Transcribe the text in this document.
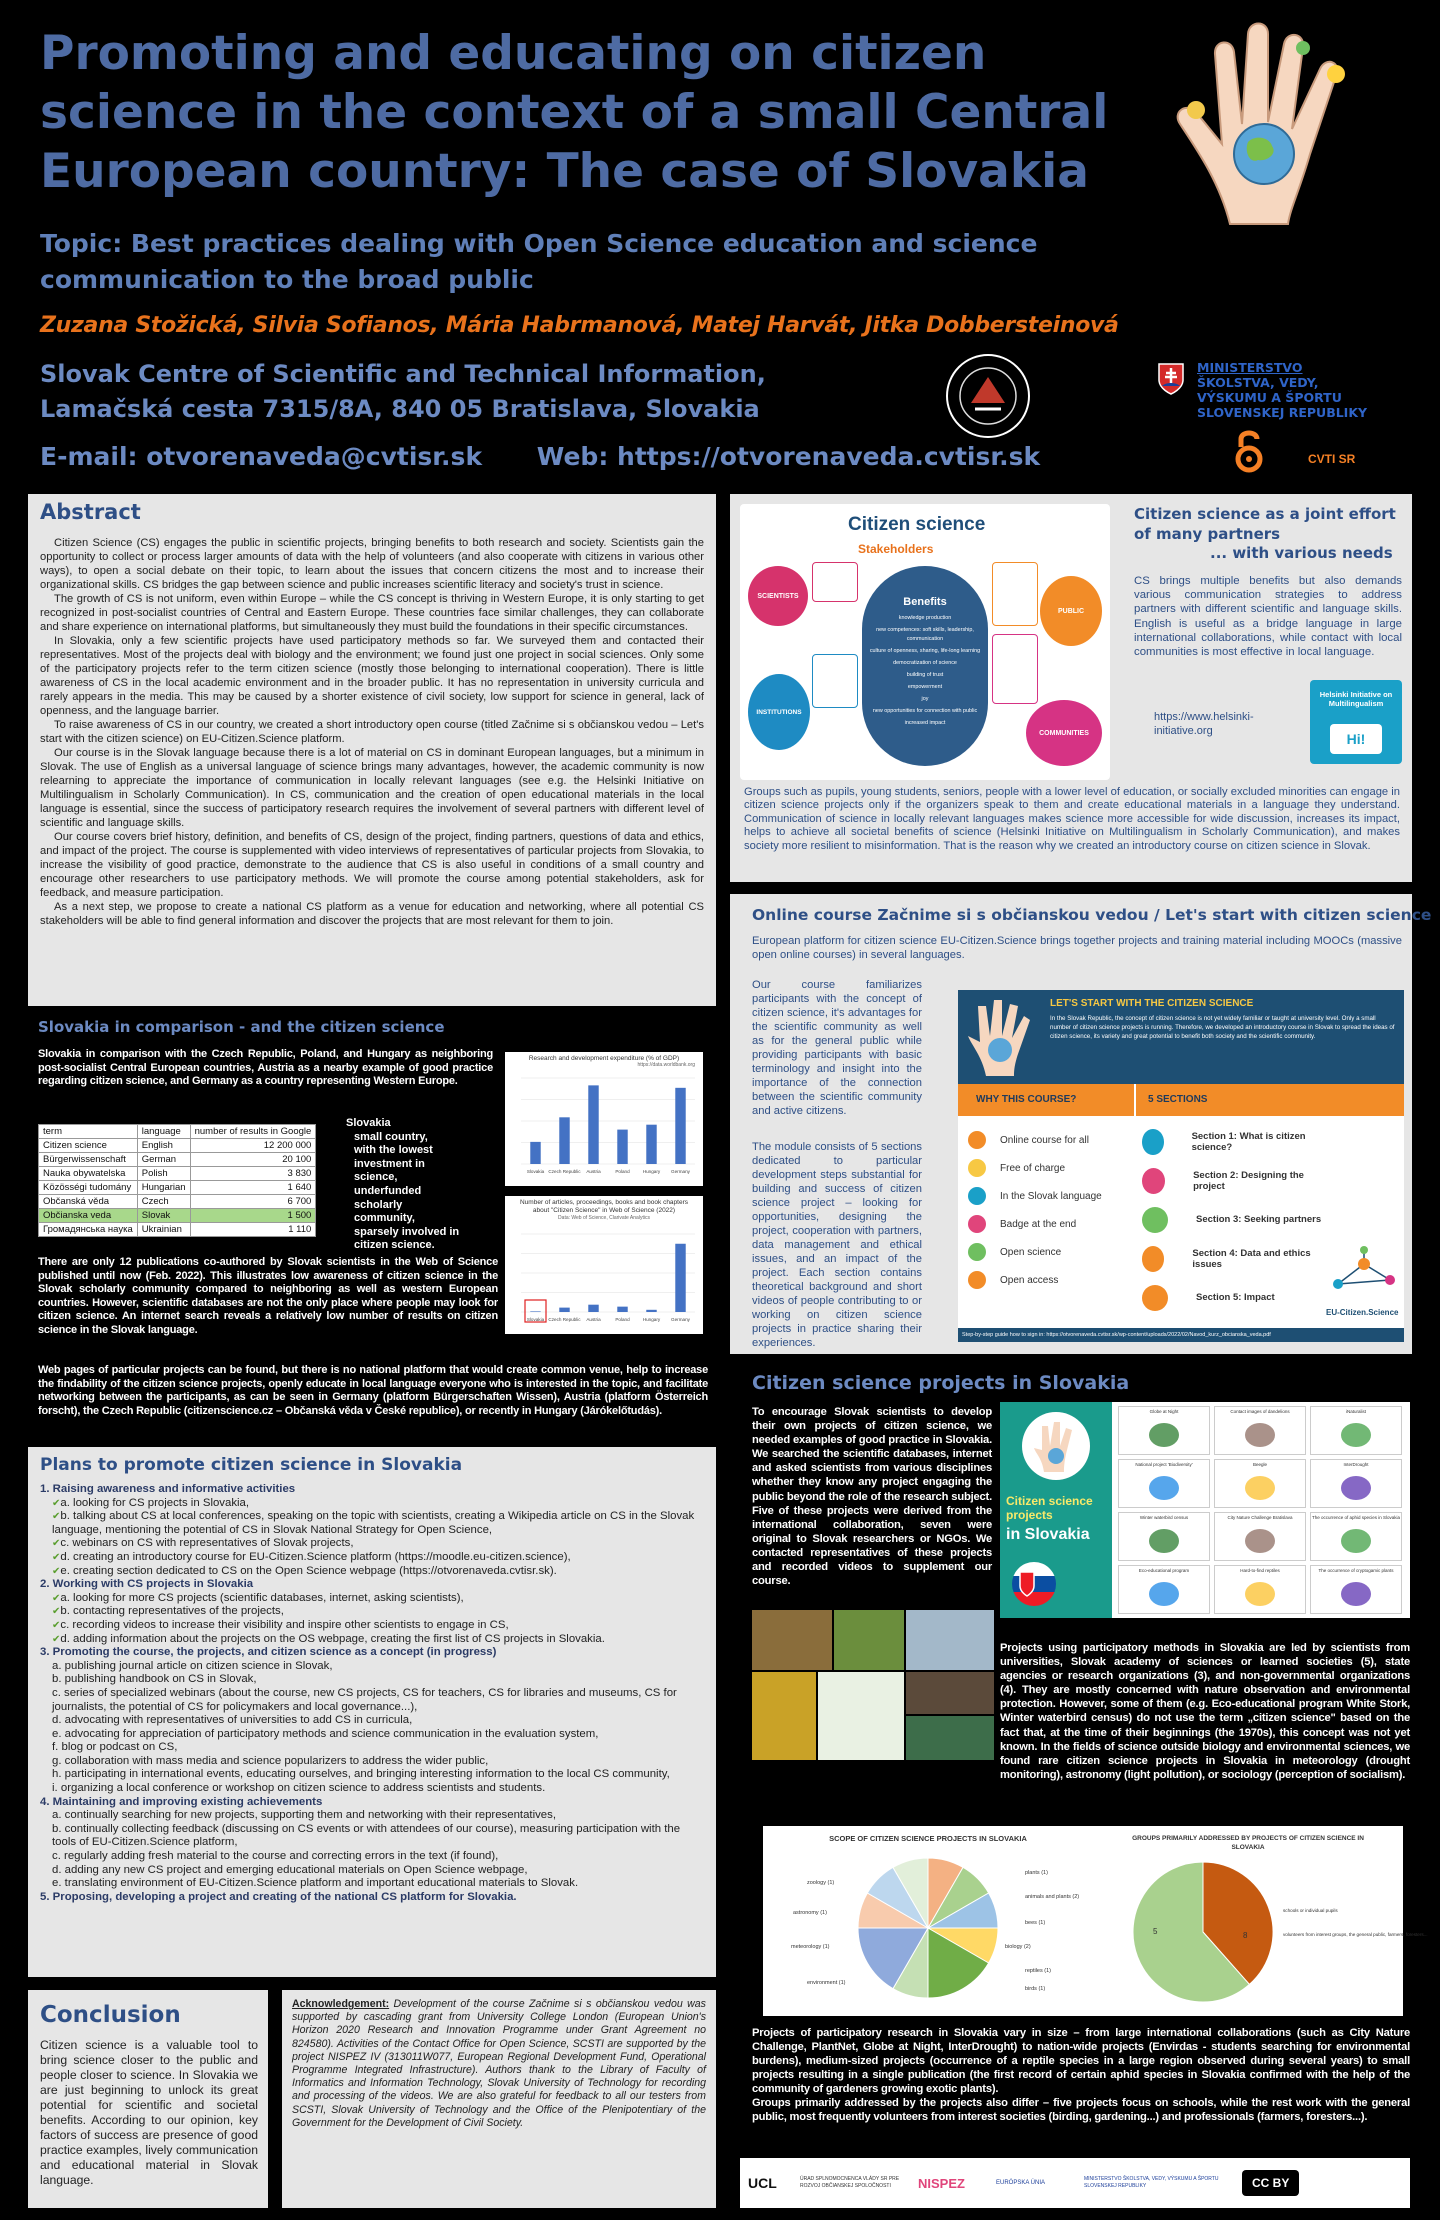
Promoting and educating on citizen science in the context of a small Central European country: The case of Slovakia
Topic: Best practices dealing with Open Science education and science communication to the broad public
Zuzana Stožická, Silvia Sofianos, Mária Habrmanová, Matej Harvát, Jitka Dobbersteinová
Slovak Centre of Scientific and Technical Information,
Lamačská cesta 7315/8A, 840 05 Bratislava, Slovakia
E-mail: otvorenaveda@cvtisr.sk Web: https://otvorenaveda.cvtisr.sk
MINISTERSTVO
ŠKOLSTVA, VEDY,
VÝSKUMU A ŠPORTU
SLOVENSKEJ REPUBLIKY
CVTI SR
Abstract

Citizen Science (CS) engages the public in scientific projects, bringing benefits to both research and society. Scientists gain the opportunity to collect or process larger amounts of data with the help of volunteers (and also cooperate with citizens in various other ways), to open a social debate on their topic, to learn about the issues that concern citizens the most and to increase their organizational skills. CS bridges the gap between science and public increases scientific literacy and society's trust in science.

The growth of CS is not uniform, even within Europe – while the CS concept is thriving in Western Europe, it is only starting to get recognized in post-socialist countries of Central and Eastern Europe. These countries face similar challenges, they can collaborate and share experience on international platforms, but simultaneously they must build the foundations in their specific circumstances.

In Slovakia, only a few scientific projects have used participatory methods so far. We surveyed them and contacted their representatives. Most of the projects deal with biology and the environment; we found just one project in social sciences. Only some of the participatory projects refer to the term citizen science (mostly those belonging to international cooperation). There is little awareness of CS in the local academic environment and in the broader public. It has no representation in university curricula and rarely appears in the media. This may be caused by a shorter existence of civil society, low support for science in general, lack of openness, and the language barrier.

To raise awareness of CS in our country, we created a short introductory open course (titled Začnime si s občianskou vedou – Let's start with the citizen science) on EU-Citizen.Science platform.

Our course is in the Slovak language because there is a lot of material on CS in dominant European languages, but a minimum in Slovak. The use of English as a universal language of science brings many advantages, however, the academic community is now relearning to appreciate the importance of communication in locally relevant languages (see e.g. the Helsinki Initiative on Multilingualism in Scholarly Communication). In CS, communication and the creation of open educational materials in the local language is essential, since the success of participatory research requires the involvement of several partners with different level of scientific and language skills.

Our course covers brief history, definition, and benefits of CS, design of the project, finding partners, questions of data and ethics, and impact of the project. The course is supplemented with video interviews of representatives of particular projects from Slovakia, to increase the visibility of good practice, demonstrate to the audience that CS is also useful in conditions of a small country and encourage other researchers to use participatory methods. We will promote the course among potential stakeholders, ask for feedback, and measure participation.

As a next step, we propose to create a national CS platform as a venue for education and networking, where all potential CS stakeholders will be able to find general information and discover the projects that are most relevant for them to join.

Slovakia in comparison - and the citizen science
Slovakia in comparison with the Czech Republic, Poland, and Hungary as neighboring post-socialist Central European countries, Austria as a nearby example of good practice regarding citizen science, and Germany as a country representing Western Europe.
term	language	number of results in Google
Citizen science	English	12 200 000
Bürgerwissenschaft	German	20 100
Nauka obywatelska	Polish	3 830
Közösségi tudomány	Hungarian	1 640
Občanská věda	Czech	6 700
Občianska veda	Slovak	1 500
Громадянська наука	Ukrainian	1 110
Slovakia
small country,
with the lowest investment in science,
underfunded scholarly community,
sparsely involved in citizen science.
Research and development expenditure (% of GDP)
https://data.worldbank.org
Slovakia Czech Republic Austria	Poland	Hungary Germany
Number of articles, proceedings, books and book chapters about "Citizen Science" in Web of Science (2022)
Data: Web of Science, Clarivate Analytics
Slovakia Czech Republic Austria	Poland	Hungary Germany
There are only 12 publications co-authored by Slovak scientists in the Web of Science published until now (Feb. 2022). This illustrates low awareness of citizen science in the Slovak scholarly community compared to neighboring as well as western European countries. However, scientific databases are not the only place where people may look for citizen science. An internet search reveals a relatively low number of results on citizen science in the Slovak language.
Web pages of particular projects can be found, but there is no national platform that would create common venue, help to increase the findability of the citizen science projects, openly educate in local language everyone who is interested in the topic, and facilitate networking between the participants, as can be seen in Germany (platform Bürgerschaften Wissen), Austria (platform Österreich forscht), the Czech Republic (citizenscience.cz – Občanská věda v České republice), or recently in Hungary (Járókelőtudás).
Plans to promote citizen science in Slovakia
1. Raising awareness and informative activities
✔ a. looking for CS projects in Slovakia,
✔ b. talking about CS at local conferences, speaking on the topic with scientists, creating a Wikipedia article on CS in the Slovak language, mentioning the potential of CS in Slovak National Strategy for Open Science,
✔ c. webinars on CS with representatives of Slovak projects,
✔ d. creating an introductory course for EU-Citizen.Science platform (https://moodle.eu-citizen.science),
✔ e. creating section dedicated to CS on the Open Science webpage (https://otvorenaveda.cvtisr.sk).
2. Working with CS projects in Slovakia
✔ a. looking for more CS projects (scientific databases, internet, asking scientists),
✔ b. contacting representatives of the projects,
✔ c. recording videos to increase their visibility and inspire other scientists to engage in CS,
✔ d. adding information about the projects on the OS webpage, creating the first list of CS projects in Slovakia.
3. Promoting the course, the projects, and citizen science as a concept (in progress)
a. publishing journal article on citizen science in Slovak,
b. publishing handbook on CS in Slovak,
c. series of specialized webinars (about the course, new CS projects, CS for teachers, CS for libraries and museums, CS for journalists, the potential of CS for policymakers and local governance...),
d. advocating with representatives of universities to add CS in curricula,
e. advocating for appreciation of participatory methods and science communication in the evaluation system,
f. blog or podcast on CS,
g. collaboration with mass media and science popularizers to address the wider public,
h. participating in international events, educating ourselves, and bringing interesting information to the local CS community,
i. organizing a local conference or workshop on citizen science to address scientists and students.
4. Maintaining and improving existing achievements
a. continually searching for new projects, supporting them and networking with their representatives,
b. continually collecting feedback (discussing on CS events or with attendees of our course), measuring participation with the tools of EU-Citizen.Science platform,
c. regularly adding fresh material to the course and correcting errors in the text (if found),
d. adding any new CS project and emerging educational materials on Open Science webpage,
e. translating environment of EU-Citizen.Science platform and important educational materials to Slovak.
5. Proposing, developing a project and creating of the national CS platform for Slovakia.
Conclusion
Citizen science is a valuable tool to bring science closer to the public and people closer to science. In Slovakia we are just beginning to unlock its great potential for scientific and societal benefits. According to our opinion, key factors of success are presence of good practice examples, lively communication and educational material in Slovak language.
Acknowledgement: Development of the course Začnime si s občianskou vedou was supported by cascading grant from University College London (European Union's Horizon 2020 Research and Innovation Programme under Grant Agreement no 824580). Activities of the Contact Office for Open Science, SCSTI are supported by the project NISPEZ IV (313011W077, European Regional Development Fund, Operational Programme Integrated Infrastructure). Authors thank to the Library of Faculty of Informatics and Information Technology, Slovak University of Technology for recording and processing of the videos. We are also grateful for feedback to all our testers from SCSTI, Slovak University of Technology and the Office of the Plenipotentiary of the Government for the Development of Civil Society.
Citizen science
Stakeholders
Benefits
knowledge production
new competences: soft skills, leadership, communication
culture of openness, sharing, life-long learning
democratization of science
building of trust
empowerment
joy
new opportunities for connection with public
increased impact
SCIENTISTS
PUBLIC
INSTITUTIONS
COMMUNITIES
Citizen science as a joint effort of many partners
... with various needs
CS brings multiple benefits but also demands various communication strategies to address partners with different scientific and language skills. English is useful as a bridge language in large international collaborations, while contact with local communities is most effective in local language.
https://www.helsinki-initiative.org
Helsinki Initiative on Multilingualism
Hi!
Groups such as pupils, young students, seniors, people with a lower level of education, or socially excluded minorities can engage in citizen science projects only if the organizers speak to them and create educational materials in a language they understand. Communication of science in locally relevant languages makes science more accessible for wide discussion, increases its impact, helps to achieve all societal benefits of science (Helsinki Initiative on Multilingualism in Scholarly Communication), and makes society more resilient to misinformation. That is the reason why we created an introductory course on citizen science in Slovak.
Online course Začnime si s občianskou vedou / Let's start with citizen science
European platform for citizen science EU-Citizen.Science brings together projects and training material including MOOCs (massive open online courses) in several languages.
Our course familiarizes participants with the concept of citizen science, it's advantages for the scientific community as well as for the general public while providing participants with basic terminology and insight into the importance of the connection between the scientific community and active citizens.
The module consists of 5 sections dedicated to particular development steps substantial for building and success of citizen science project – looking for opportunities, designing the project, cooperation with partners, data management and ethical issues, and an impact of the project. Each section contains theoretical background and short videos of people contributing to or working on citizen science projects in practice sharing their experiences.
LET'S START WITH THE CITIZEN SCIENCE
In the Slovak Republic, the concept of citizen science is not yet widely familiar or taught at university level. Only a small number of citizen science projects is running. Therefore, we developed an introductory course in Slovak to spread the ideas of citizen science, its variety and great potential to benefit both society and the scientific community.
WHY THIS COURSE?	5 SECTIONS
Online course for all
Free of charge
In the Slovak language
Badge at the end
Open science
Open access
Section 1: What is citizen science?
Section 2: Designing the project
Section 3: Seeking partners
Section 4: Data and ethics issues
Section 5: Impact
EU-Citizen.Science
Step-by-step guide how to sign in: https://otvorenaveda.cvtisr.sk/wp-content/uploads/2022/02/Navod_kurz_obcianska_veda.pdf
Citizen science projects in Slovakia
To encourage Slovak scientists to develop their own projects of citizen science, we needed examples of good practice in Slovakia. We searched the scientific databases, internet and asked scientists from various disciplines whether they know any project engaging the public beyond the role of the research subject. Five of these projects were derived from the international collaboration, seven were original to Slovak researchers or NGOs. We contacted representatives of these projects and recorded videos to supplement our course.
Citizen science projects
in Slovakia
Globe at Night	Contact images of dandelions	iNaturalist
National project 'Biodiversity'	Beegle	InterDrought
Winter waterbird census	City Nature Challenge Bratislava	The occurrence of aphid species in Slovakia
Eco-educational program	Hard-to-find reptiles	The occurrence of cryptogamic plants
Projects using participatory methods in Slovakia are led by scientists from universities, Slovak academy of sciences or learned societies (5), state agencies or research organizations (3), and non-governmental organizations (4). They are mostly concerned with nature observation and environmental protection. However, some of them (e.g. Eco-educational program White Stork, Winter waterbird census) do not use the term „citizen science" based on the fact that, at the time of their beginnings (the 1970s), this concept was not yet known. In the fields of science outside biology and environmental sciences, we found rare citizen science projects in Slovakia in meteorology (drought monitoring), astronomy (light pollution), or sociology (perception of socialism).
SCOPE OF CITIZEN SCIENCE PROJECTS IN SLOVAKIA
zoology (1)
astronomy (1)
meteorology (1)
environment (1)
biology (2)
plants (1)
animals and plants (2)
bees (1)
reptiles (1)
birds (1)
GROUPS PRIMARILY ADDRESSED BY PROJECTS OF CITIZEN SCIENCE IN SLOVAKIA
schools or individual pupils
volunteers from interest groups, the general public, farmers, foresters...
5	8
Projects of participatory research in Slovakia vary in size – from large international collaborations (such as City Nature Challenge, PlantNet, Globe at Night, InterDrought) to nation-wide projects (Envirdas - students searching for environmental burdens), medium-sized projects (occurrence of a reptile species in a large region observed during several years) to small projects resulting in a single publication (the first record of certain aphid species in Slovakia confirmed with the help of the community of gardeners growing exotic plants).
Groups primarily addressed by the projects also differ – five projects focus on schools, while the rest work with the general public, most frequently volunteers from interest societies (birding, gardening...) and professionals (farmers, foresters...).
UCL	ÚRAD SPLNOMOCNENCA VLÁDY SR PRE ROZVOJ OBČIANSKEJ SPOLOČNOSTI	NISPEZ	EURÓPSKA ÚNIA
MINISTERSTVO ŠKOLSTVA, VEDY, VÝSKUMU A ŠPORTU SLOVENSKEJ REPUBLIKY	CC BY
